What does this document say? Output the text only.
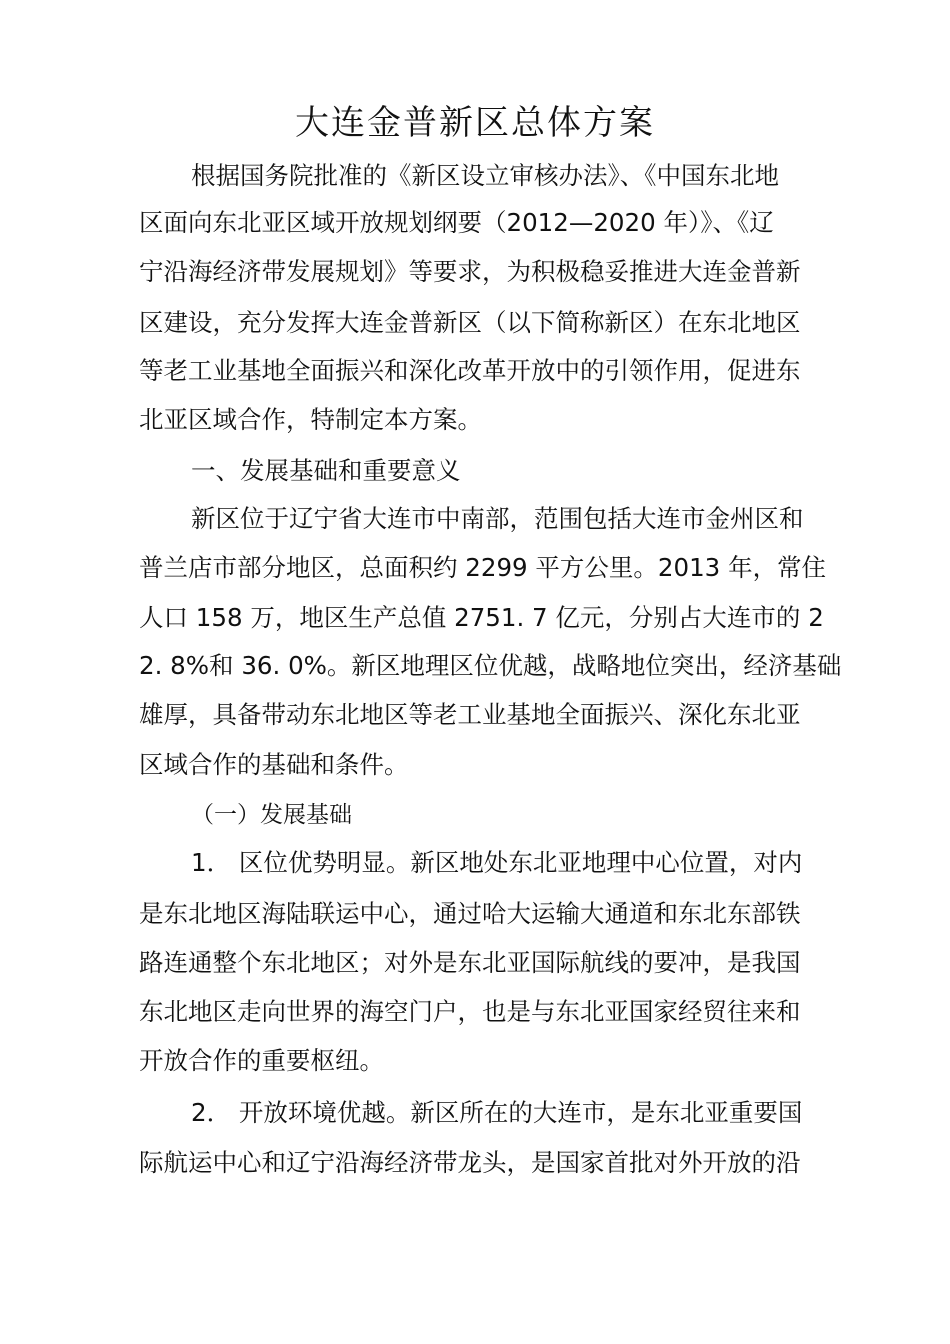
大连金普新区总体方案

根据国务院批准的《新区设立审核办法》、《中国东北地

区面向东北亚区域开放规划纲要（2012—2020 年）》、《辽

宁沿海经济带发展规划》等要求，为积极稳妥推进大连金普新

区建设，充分发挥大连金普新区（以下简称新区）在东北地区

等老工业基地全面振兴和深化改革开放中的引领作用，促进东

北亚区域合作，特制定本方案。

一、发展基础和重要意义

新区位于辽宁省大连市中南部，范围包括大连市金州区和

普兰店市部分地区，总面积约 2299 平方公里。2013 年，常住

人口 158 万，地区生产总值 2751. 7 亿元，分别占大连市的 2

2. 8%和 36. 0%。新区地理区位优越，战略地位突出，经济基础

雄厚，具备带动东北地区等老工业基地全面振兴、深化东北亚

区域合作的基础和条件。

（一）发展基础

1． 区位优势明显。新区地处东北亚地理中心位置，对内

是东北地区海陆联运中心，通过哈大运输大通道和东北东部铁

路连通整个东北地区；对外是东北亚国际航线的要冲，是我国

东北地区走向世界的海空门户，也是与东北亚国家经贸往来和

开放合作的重要枢纽。

2． 开放环境优越。新区所在的大连市，是东北亚重要国

际航运中心和辽宁沿海经济带龙头，是国家首批对外开放的沿
